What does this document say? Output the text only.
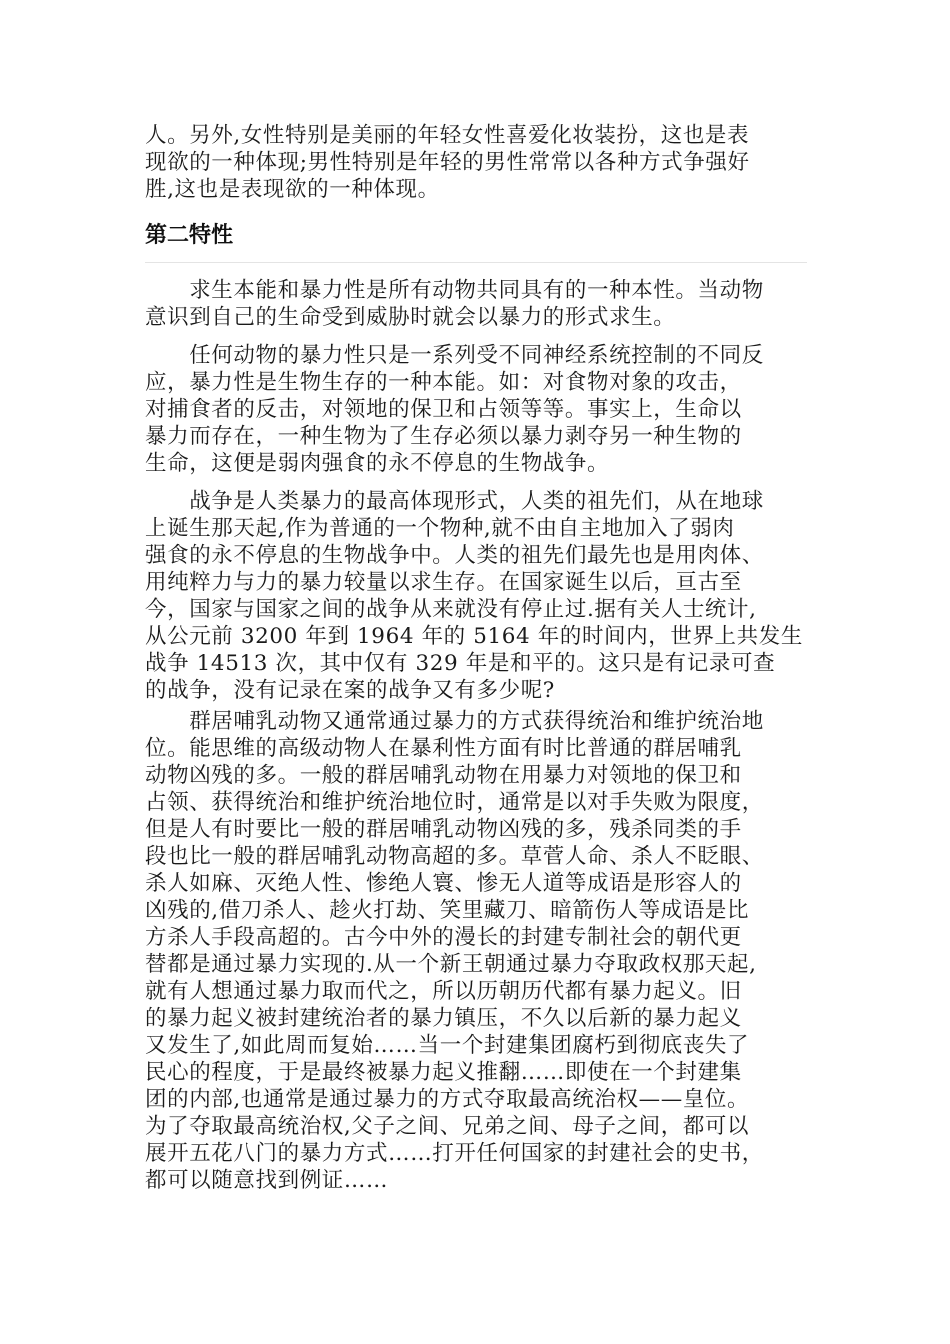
人。另外,女性特别是美丽的年轻女性喜爱化妆装扮，这也是表
现欲的一种体现;男性特别是年轻的男性常常以各种方式争强好
胜,这也是表现欲的一种体现。
第二特性
　　求生本能和暴力性是所有动物共同具有的一种本性。当动物
意识到自己的生命受到威胁时就会以暴力的形式求生。
　　任何动物的暴力性只是一系列受不同神经系统控制的不同反
应，暴力性是生物生存的一种本能。如：对食物对象的攻击，
对捕食者的反击，对领地的保卫和占领等等。事实上，生命以
暴力而存在，一种生物为了生存必须以暴力剥夺另一种生物的
生命，这便是弱肉强食的永不停息的生物战争。
　　战争是人类暴力的最高体现形式，人类的祖先们，从在地球
上诞生那天起,作为普通的一个物种,就不由自主地加入了弱肉
强食的永不停息的生物战争中。人类的祖先们最先也是用肉体、
用纯粹力与力的暴力较量以求生存。在国家诞生以后，亘古至
今，国家与国家之间的战争从来就没有停止过.据有关人士统计,
从公元前 3200 年到 1964 年的 5164 年的时间内，世界上共发生
战争 14513 次，其中仅有 329 年是和平的。这只是有记录可查
的战争，没有记录在案的战争又有多少呢?
　　群居哺乳动物又通常通过暴力的方式获得统治和维护统治地
位。能思维的高级动物人在暴利性方面有时比普通的群居哺乳
动物凶残的多。一般的群居哺乳动物在用暴力对领地的保卫和
占领、获得统治和维护统治地位时，通常是以对手失败为限度，
但是人有时要比一般的群居哺乳动物凶残的多，残杀同类的手
段也比一般的群居哺乳动物高超的多。草菅人命、杀人不眨眼、
杀人如麻、灭绝人性、惨绝人寰、惨无人道等成语是形容人的
凶残的,借刀杀人、趁火打劫、笑里藏刀、暗箭伤人等成语是比
方杀人手段高超的。古今中外的漫长的封建专制社会的朝代更
替都是通过暴力实现的.从一个新王朝通过暴力夺取政权那天起,
就有人想通过暴力取而代之，所以历朝历代都有暴力起义。旧
的暴力起义被封建统治者的暴力镇压，不久以后新的暴力起义
又发生了,如此周而复始……当一个封建集团腐朽到彻底丧失了
民心的程度，于是最终被暴力起义推翻……即使在一个封建集
团的内部,也通常是通过暴力的方式夺取最高统治权——皇位。
为了夺取最高统治权,父子之间、兄弟之间、母子之间，都可以
展开五花八门的暴力方式……打开任何国家的封建社会的史书，
都可以随意找到例证……
